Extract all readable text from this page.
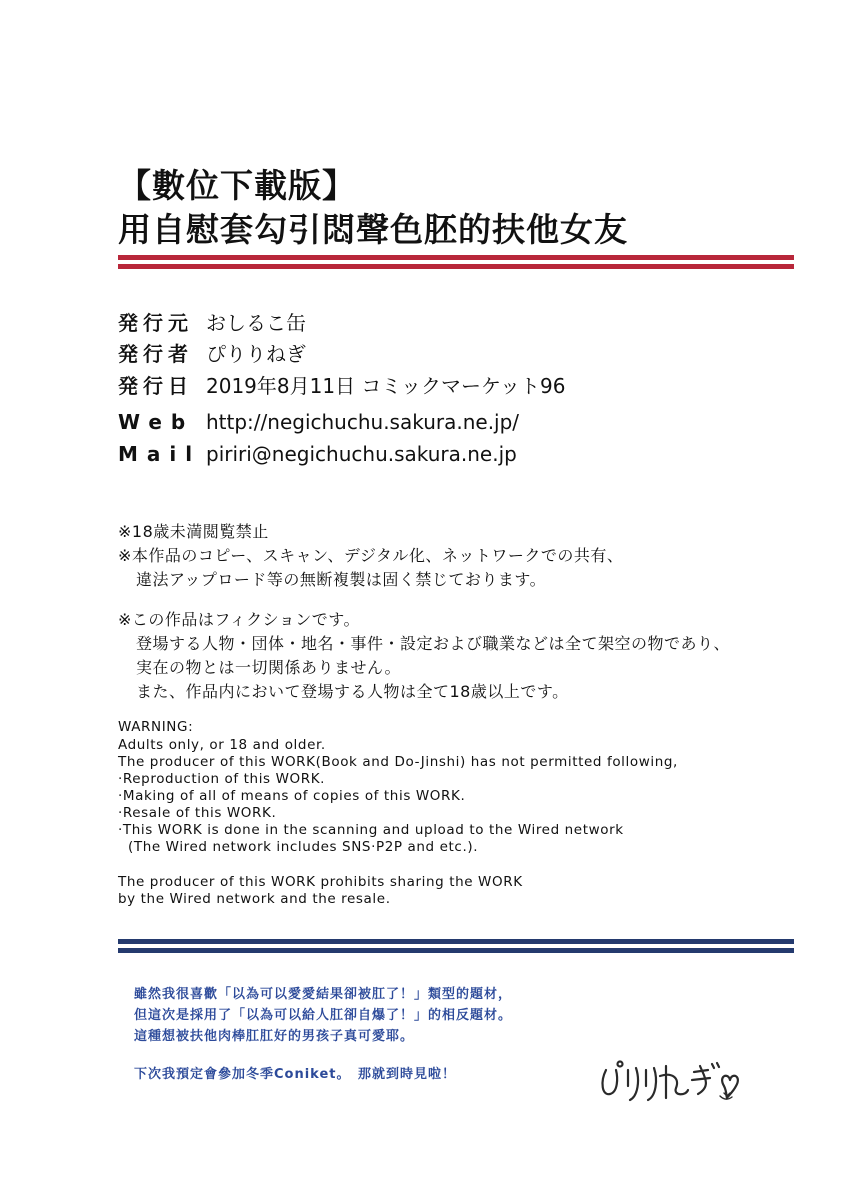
【數位下載版】
用自慰套勾引悶聲色胚的扶他女友
発行元 おしるこ缶
発行者 ぴりりねぎ
発行日 2019年8月11日 コミックマーケット96
Web http://negichuchu.sakura.ne.jp/
Mail piriri@negichuchu.sakura.ne.jp
※18歳未満閲覧禁止
※本作品のコピー、スキャン、デジタル化、ネットワークでの共有、
違法アップロード等の無断複製は固く禁じております。
※この作品はフィクションです。
登場する人物・団体・地名・事件・設定および職業などは全て架空の物であり、
実在の物とは一切関係ありません。
また、作品内において登場する人物は全て18歳以上です。
WARNING:
Adults only, or 18 and older.
The producer of this WORK(Book and Do-Jinshi) has not permitted following,
·Reproduction of this WORK.
·Making of all of means of copies of this WORK.
·Resale of this WORK.
·This WORK is done in the scanning and upload to the Wired network
(The Wired network includes SNS·P2P and etc.).
The producer of this WORK prohibits sharing the WORK
by the Wired network and the resale.
雖然我很喜歡「以為可以愛愛結果卻被肛了！」類型的題材，
但這次是採用了「以為可以給人肛卻自爆了！」的相反題材。
這種想被扶他肉棒肛肛好的男孩子真可愛耶。
下次我預定會參加冬季Coniket。　那就到時見啦！
